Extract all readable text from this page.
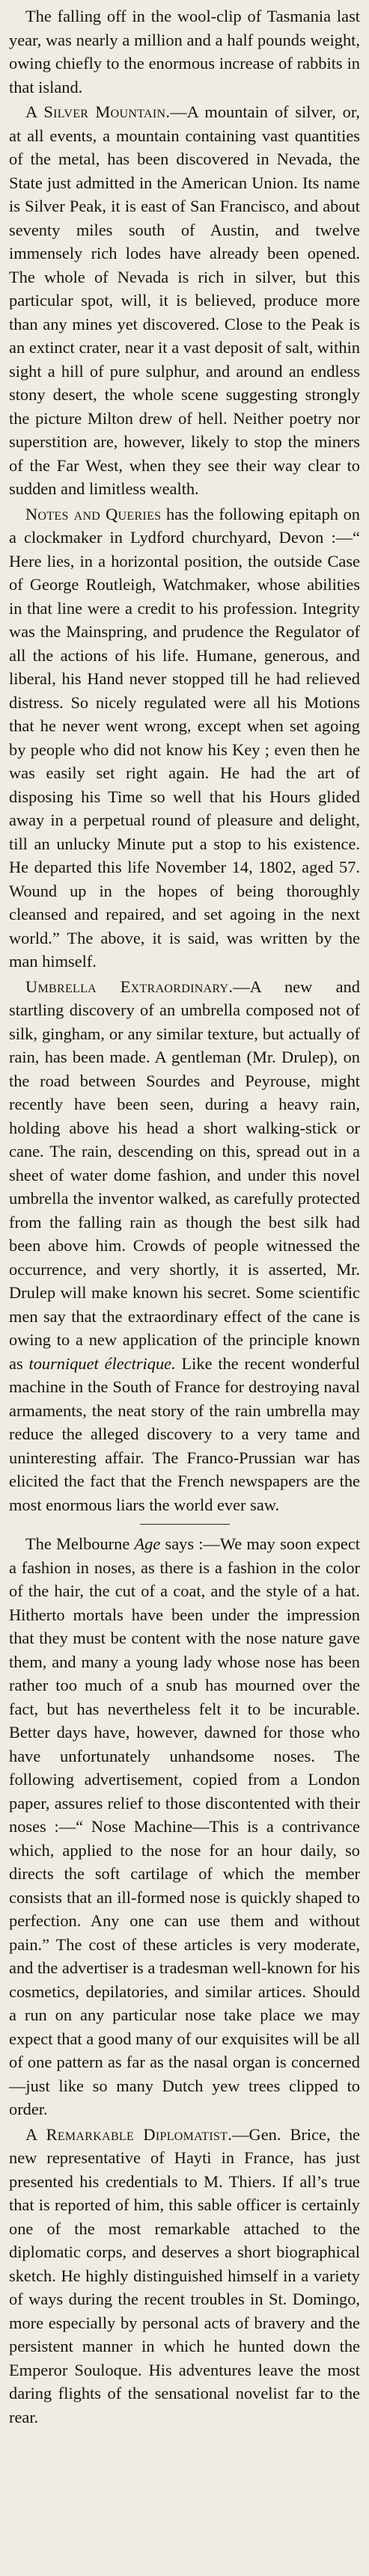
The falling off in the wool-clip of Tasmania last year, was nearly a million and a half pounds weight, owing chiefly to the enormous increase of rabbits in that island.

A Silver Mountain.—A mountain of silver, or, at all events, a mountain containing vast quantities of the metal, has been discovered in Nevada, the State just admitted in the American Union. Its name is Silver Peak, it is east of San Francisco, and about seventy miles south of Austin, and twelve immensely rich lodes have already been opened. The whole of Nevada is rich in silver, but this particular spot, will, it is believed, produce more than any mines yet discovered. Close to the Peak is an extinct crater, near it a vast deposit of salt, within sight a hill of pure sulphur, and around an endless stony desert, the whole scene suggesting strongly the picture Milton drew of hell. Neither poetry nor superstition are, however, likely to stop the miners of the Far West, when they see their way clear to sudden and limitless wealth.

Notes and Queries has the following epitaph on a clockmaker in Lydford churchyard, Devon :—“ Here lies, in a horizontal position, the outside Case of George Routleigh, Watchmaker, whose abilities in that line were a credit to his profession. Integrity was the Mainspring, and prudence the Regulator of all the actions of his life. Humane, generous, and liberal, his Hand never stopped till he had relieved distress. So nicely regulated were all his Motions that he never went wrong, except when set agoing by people who did not know his Key ; even then he was easily set right again. He had the art of disposing his Time so well that his Hours glided away in a perpetual round of pleasure and delight, till an unlucky Minute put a stop to his existence. He departed this life November 14, 1802, aged 57. Wound up in the hopes of being thoroughly cleansed and repaired, and set agoing in the next world.” The above, it is said, was written by the man himself.

Umbrella Extraordinary.—A new and startling discovery of an umbrella composed not of silk, gingham, or any similar texture, but actually of rain, has been made. A gentleman (Mr. Drulep), on the road between Sourdes and Peyrouse, might recently have been seen, during a heavy rain, holding above his head a short walking-stick or cane. The rain, descending on this, spread out in a sheet of water dome fashion, and under this novel umbrella the inventor walked, as carefully protected from the falling rain as though the best silk had been above him. Crowds of people witnessed the occurrence, and very shortly, it is asserted, Mr. Drulep will make known his secret. Some scientific men say that the extraordinary effect of the cane is owing to a new application of the principle known as tourniquet électrique. Like the recent wonderful machine in the South of France for destroying naval armaments, the neat story of the rain umbrella may reduce the alleged discovery to a very tame and uninteresting affair. The Franco-Prussian war has elicited the fact that the French newspapers are the most enormous liars the world ever saw.

The Melbourne Age says :—We may soon expect a fashion in noses, as there is a fashion in the color of the hair, the cut of a coat, and the style of a hat. Hitherto mortals have been under the impression that they must be content with the nose nature gave them, and many a young lady whose nose has been rather too much of a snub has mourned over the fact, but has nevertheless felt it to be incurable. Better days have, however, dawned for those who have unfortunately unhandsome noses. The following advertisement, copied from a London paper, assures relief to those discontented with their noses :—“ Nose Machine—This is a contrivance which, applied to the nose for an hour daily, so directs the soft cartilage of which the member consists that an ill-formed nose is quickly shaped to perfection. Any one can use them and without pain.” The cost of these articles is very moderate, and the advertiser is a tradesman well-known for his cosmetics, depilatories, and similar artices. Should a run on any particular nose take place we may expect that a good many of our exquisites will be all of one pattern as far as the nasal organ is concerned—just like so many Dutch yew trees clipped to order.

A Remarkable Diplomatist.—Gen. Brice, the new representative of Hayti in France, has just presented his credentials to M. Thiers. If all’s true that is reported of him, this sable officer is certainly one of the most remarkable attached to the diplomatic corps, and deserves a short biographical sketch. He highly distinguished himself in a variety of ways during the recent troubles in St. Domingo, more especially by personal acts of bravery and the persistent manner in which he hunted down the Emperor Souloque. His adventures leave the most daring flights of the sensational novelist far to the rear.
